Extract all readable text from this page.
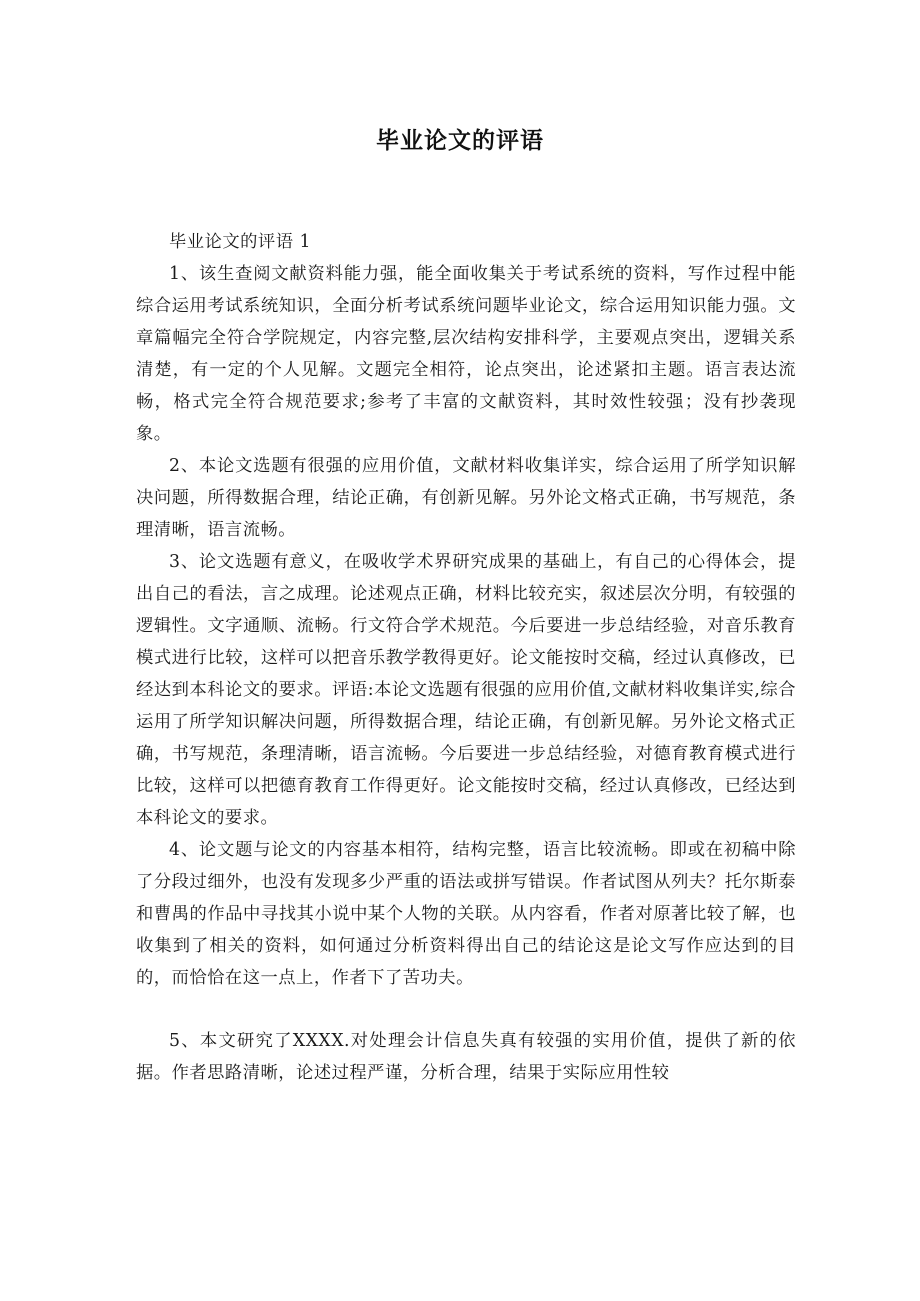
毕业论文的评语

毕业论文的评语 1

1、该生查阅文献资料能力强，能全面收集关于考试系统的资料，写作过程中能综合运用考试系统知识，全面分析考试系统问题毕业论文，综合运用知识能力强。文章篇幅完全符合学院规定，内容完整,层次结构安排科学，主要观点突出，逻辑关系清楚，有一定的个人见解。文题完全相符，论点突出，论述紧扣主题。语言表达流畅，格式完全符合规范要求;参考了丰富的文献资料，其时效性较强；没有抄袭现象。

2、本论文选题有很强的应用价值，文献材料收集详实，综合运用了所学知识解决问题，所得数据合理，结论正确，有创新见解。另外论文格式正确，书写规范，条理清晰，语言流畅。

3、论文选题有意义，在吸收学术界研究成果的基础上，有自己的心得体会，提出自己的看法，言之成理。论述观点正确，材料比较充实，叙述层次分明，有较强的逻辑性。文字通顺、流畅。行文符合学术规范。今后要进一步总结经验，对音乐教育模式进行比较，这样可以把音乐教学教得更好。论文能按时交稿，经过认真修改，已经达到本科论文的要求。评语:本论文选题有很强的应用价值,文献材料收集详实,综合运用了所学知识解决问题，所得数据合理，结论正确，有创新见解。另外论文格式正确，书写规范，条理清晰，语言流畅。今后要进一步总结经验，对德育教育模式进行比较，这样可以把德育教育工作得更好。论文能按时交稿，经过认真修改，已经达到本科论文的要求。

4、论文题与论文的内容基本相符，结构完整，语言比较流畅。即或在初稿中除了分段过细外，也没有发现多少严重的语法或拼写错误。作者试图从列夫？托尔斯泰和曹禺的作品中寻找其小说中某个人物的关联。从内容看，作者对原著比较了解，也收集到了相关的资料，如何通过分析资料得出自己的结论这是论文写作应达到的目的，而恰恰在这一点上，作者下了苦功夫。

5、本文研究了XXXX.对处理会计信息失真有较强的实用价值，提供了新的依据。作者思路清晰，论述过程严谨，分析合理，结果于实际应用性较
